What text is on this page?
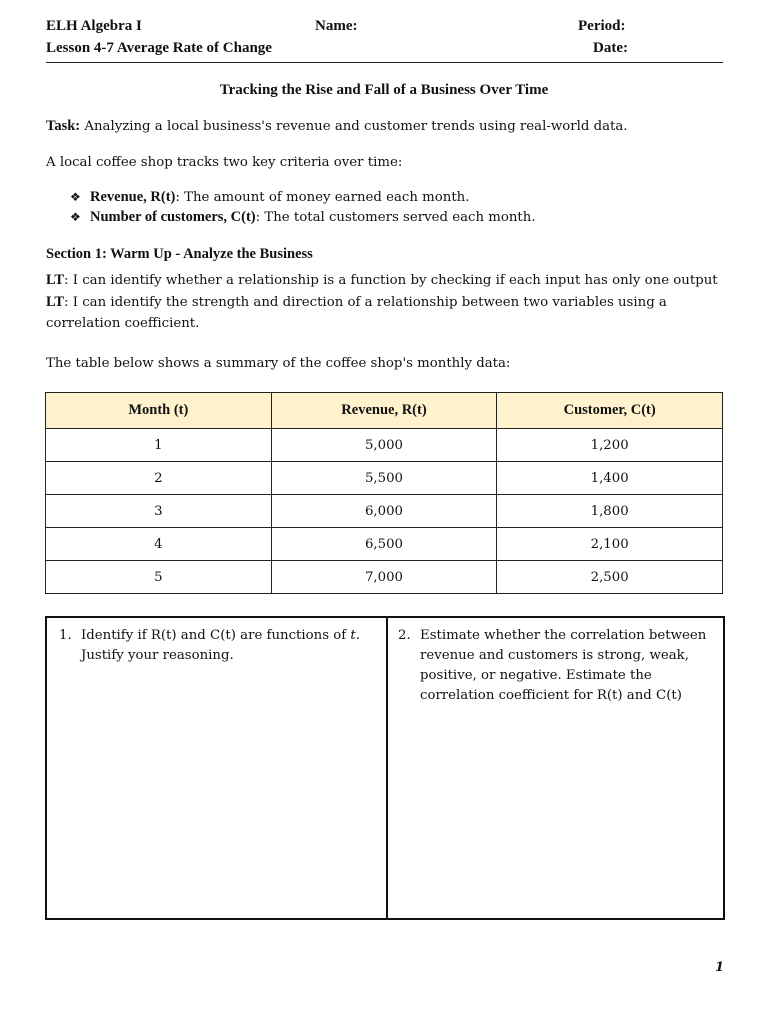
ELH Algebra I	Name:	Period:
Lesson 4-7 Average Rate of Change	Date:
Tracking the Rise and Fall of a Business Over Time
Task: Analyzing a local business's revenue and customer trends using real-world data.
A local coffee shop tracks two key criteria over time:
❖ Revenue, R(t): The amount of money earned each month.
❖ Number of customers, C(t): The total customers served each month.
Section 1: Warm Up - Analyze the Business
LT: I can identify whether a relationship is a function by checking if each input has only one output
LT: I can identify the strength and direction of a relationship between two variables using a
correlation coefficient.
The table below shows a summary of the coffee shop's monthly data:
Month (t)	Revenue, R(t)	Customer, C(t)
1	5,000	1,200
2	5,500	1,400
3	6,000	1,800
4	6,500	2,100
5	7,000	2,500
1. Identify if R(t) and C(t) are functions of t.
Justify your reasoning.
2. Estimate whether the correlation between
revenue and customers is strong, weak,
positive, or negative. Estimate the
correlation coefficient for R(t) and C(t)
1
